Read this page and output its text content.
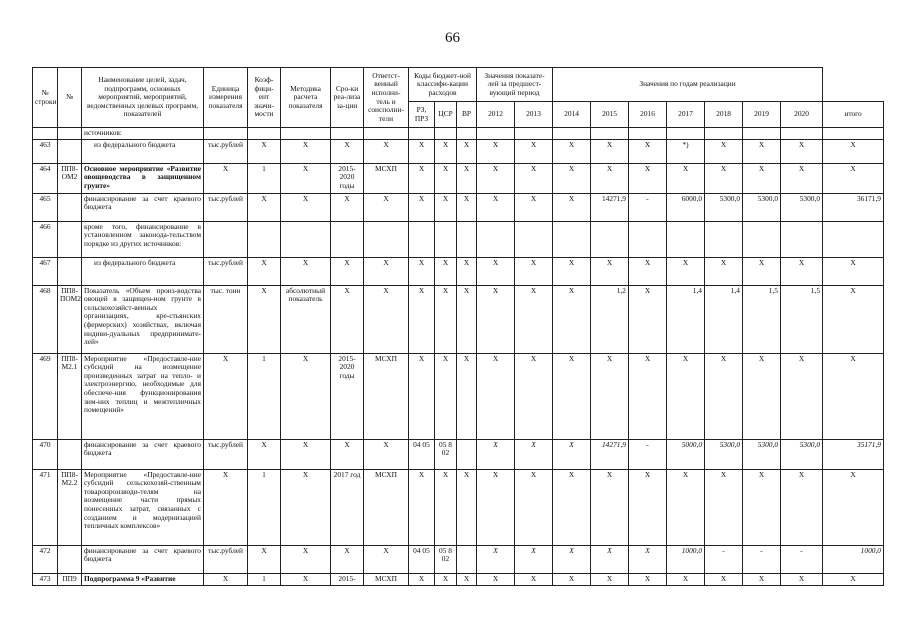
66
№ строки	№	Наименование целей, задач, подпрограмм, основных мероприятий, мероприятий, ведомственных целевых программ, показателей	Единица измерения показателя	Коэф-фици-ент значи-мости	Методика расчета показателя	Сро-ки реа-лиза за-ции	Ответст-венный исполни-тель и соисполни-тели	Коды бюджет-ной классифи-кации расходов			Значения показате-лей за предшест-вующий период		Значения по годам реализации							
								РЗ, ПРЗ	ЦСР	ВР	2012	2013	2014	2015	2016	2017	2018	2019	2020	итого
		источников:																		
463		из федерального бюджета	тыс.рублей	X	X	X	X	X	X	X	X	X	X	X	X	*)	X	X	X	X
464	ПП8-ОМ2	Основное мероприятие «Развитие овощеводства в защищенном грунте»	X	1	X	2015-2020 годы	МСХП	X	X	X	X	X	X	X	X	X	X	X	X	X
465		финансирование за счет краевого бюджета	тыс.рублей	X	X	X	X	X	X	X	X	X	X	14271,9	-	6000,0	5300,0	5300,0	5300,0	36171,9
466		кроме того, финансирование в установленном законода-тельством порядке из других источников:																		
467		из федерального бюджета	тыс.рублей	X	X	X	X	X	X	X	X	X	X	X	X	X	X	X	X	X
468	ПП8-ПОМ2	Показатель «Объем произ-водства овощей в защищен-ном грунте в сельскохозяйст-венных организациях, кре-стьянских (фермерских) хозяйствах, включая индиви-дуальных предпринимате-лей»	тыс. тонн	X	абсолютный показатель	X	X	X	X	X	X	X	X	1,2	X	1,4	1,4	1,5	1,5	X
469	ПП8-М2.1	Мероприятие «Предоставле-ние субсидий на возмещение произведенных затрат на тепло- и электроэнергию, необходимые для обеспече-ния функционирования зим-них теплиц и межтепличных помещений»	X	1	X	2015-2020 годы	МСХП	X	X	X	X	X	X	X	X	X	X	X	X	X
470		финансирование за счет краевого бюджета	тыс.рублей	X	X	X	X	04 05	05 8 02		X	X	X	14271,9	-	5000,0	5300,0	5300,0	5300,0	35171,9
471	ПП8-М2.2	Мероприятие «Предоставле-ние субсидий сельскохозяй-ственным товаропроизводи-телям на возмещение части прямых понесенных затрат, связанных с созданием и модернизацией тепличных комплексов»	X	1	X	2017 год	МСХП	X	X	X	X	X	X	X	X	X	X	X	X	X
472		финансирование за счет краевого бюджета	тыс.рублей	X	X	X	X	04 05	05 8 02		X	X	X	X	X	1000,0	-	-	-	1000,0
473	ПП9	Подпрограмма 9 «Развитие	X	1	X	2015-	МСХП	X	X	X	X	X	X	X	X	X	X	X	X	X
